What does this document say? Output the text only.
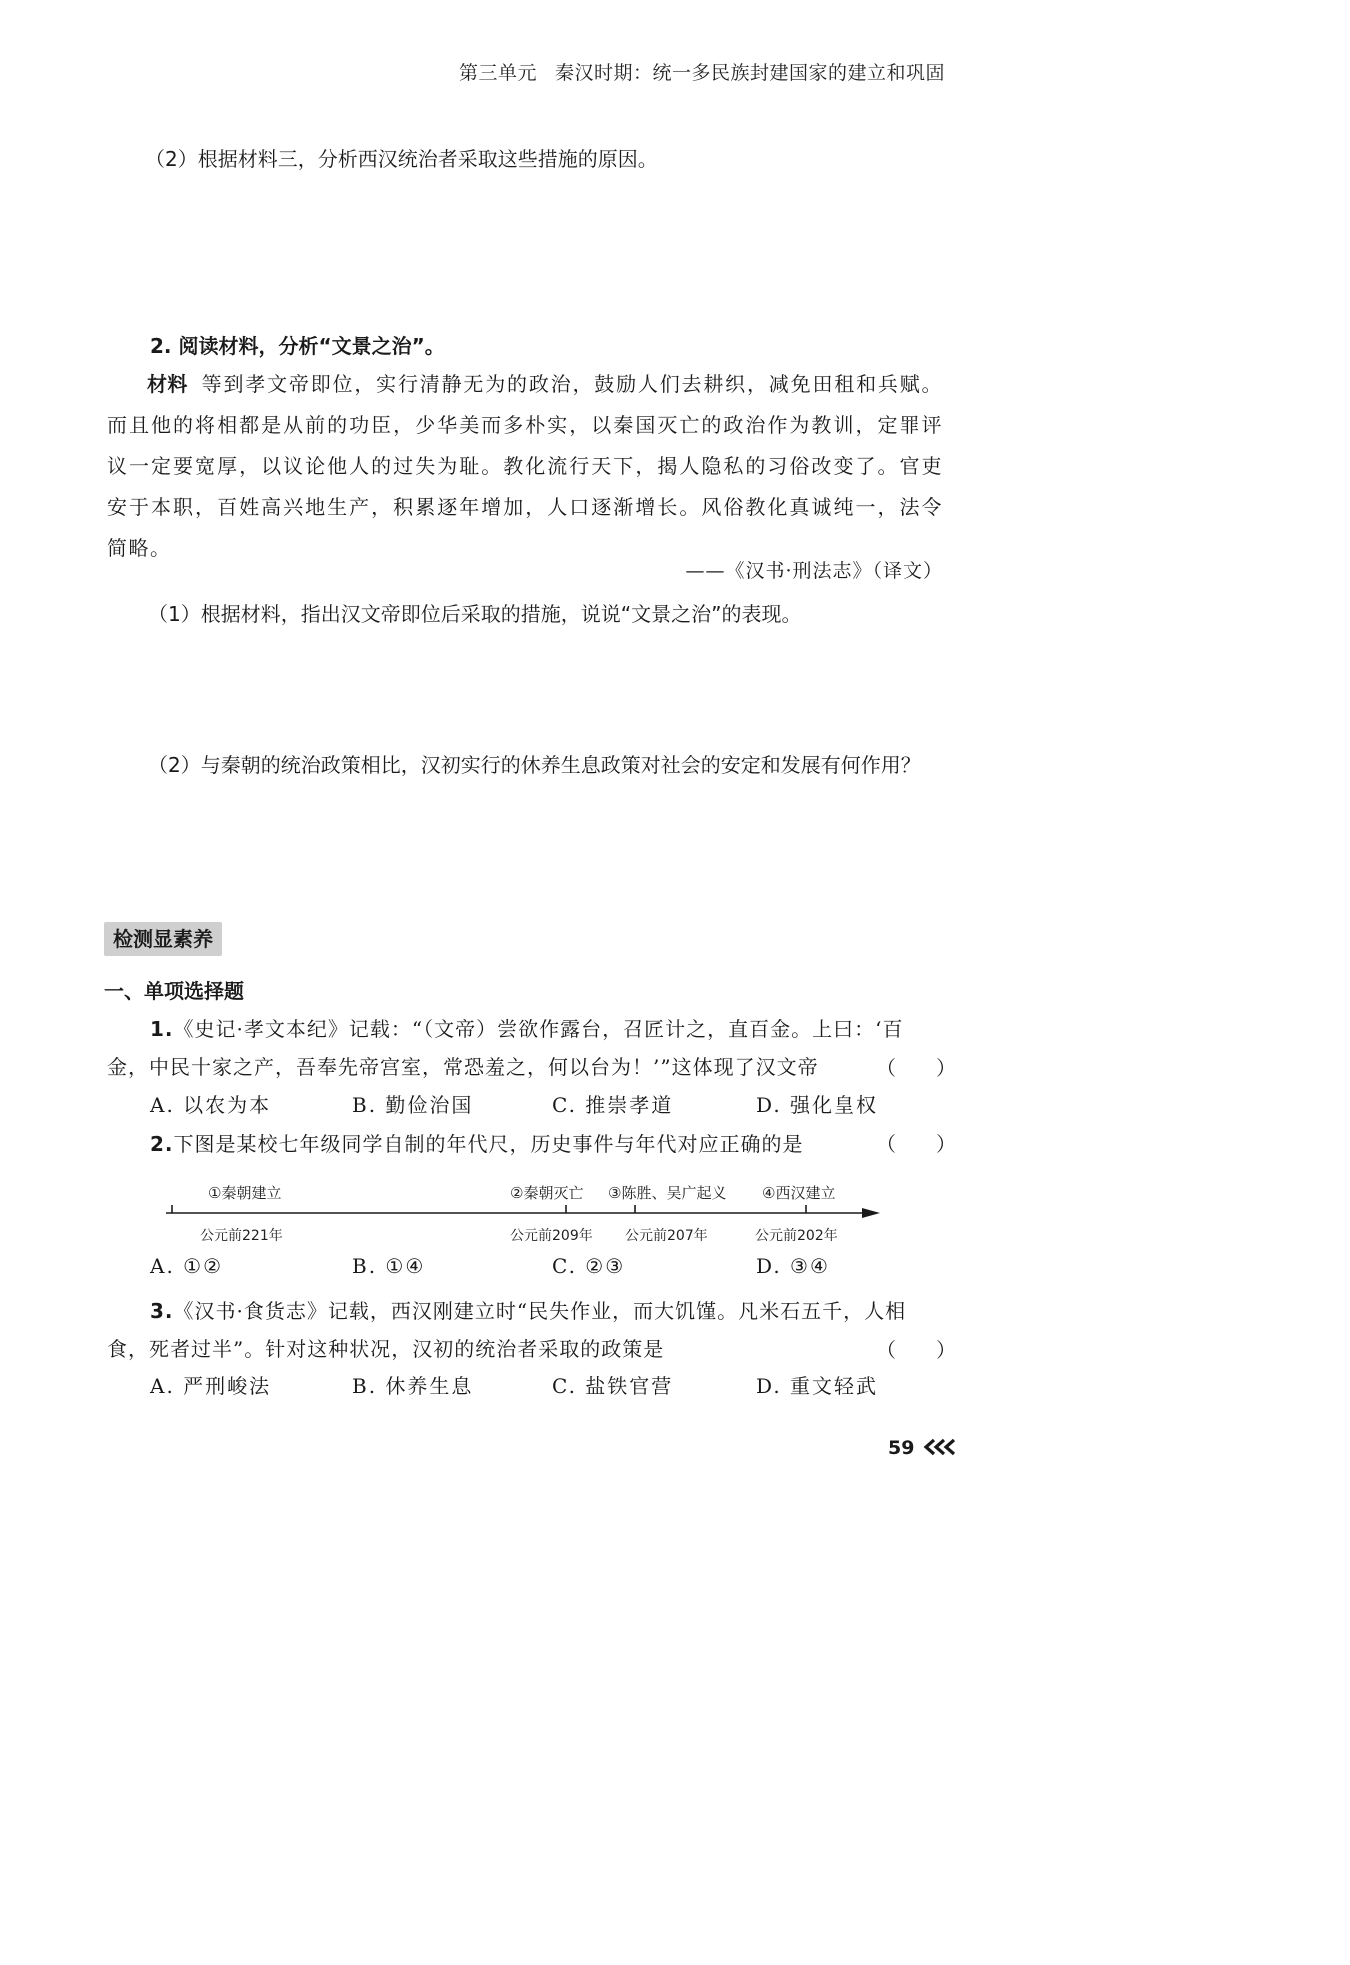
第三单元 秦汉时期：统一多民族封建国家的建立和巩固
（2）根据材料三，分析西汉统治者采取这些措施的原因。
2. 阅读材料，分析“文景之治”。
材料 等到孝文帝即位，实行清静无为的政治，鼓励人们去耕织，减免田租和兵赋。而且他的将相都是从前的功臣，少华美而多朴实，以秦国灭亡的政治作为教训，定罪评议一定要宽厚，以议论他人的过失为耻。教化流行天下，揭人隐私的习俗改变了。官吏安于本职，百姓高兴地生产，积累逐年增加，人口逐渐增长。风俗教化真诚纯一，法令简略。
——《汉书·刑法志》（译文）
（1）根据材料，指出汉文帝即位后采取的措施，说说“文景之治”的表现。
（2）与秦朝的统治政策相比，汉初实行的休养生息政策对社会的安定和发展有何作用？
检测显素养
一、单项选择题
1.《史记·孝文本纪》记载：“（文帝）尝欲作露台，召匠计之，直百金。上曰：‘百金，中民十家之产，吾奉先帝宫室，常恐羞之，何以台为！’”这体现了汉文帝	（　　）
A. 以农为本	B. 勤俭治国	C. 推崇孝道	D. 强化皇权
2.下图是某校七年级同学自制的年代尺，历史事件与年代对应正确的是	（　　）
①秦朝建立	②秦朝灭亡 ③陈胜、吴广起义 ④西汉建立
公元前221年	公元前209年 公元前207年	公元前202年
A. ①②	B. ①④	C. ②③	D. ③④
3.《汉书·食货志》记载，西汉刚建立时“民失作业，而大饥馑。凡米石五千，人相食，死者过半”。针对这种状况，汉初的统治者采取的政策是	（　　）
A. 严刑峻法	B. 休养生息	C. 盐铁官营	D. 重文轻武
59
